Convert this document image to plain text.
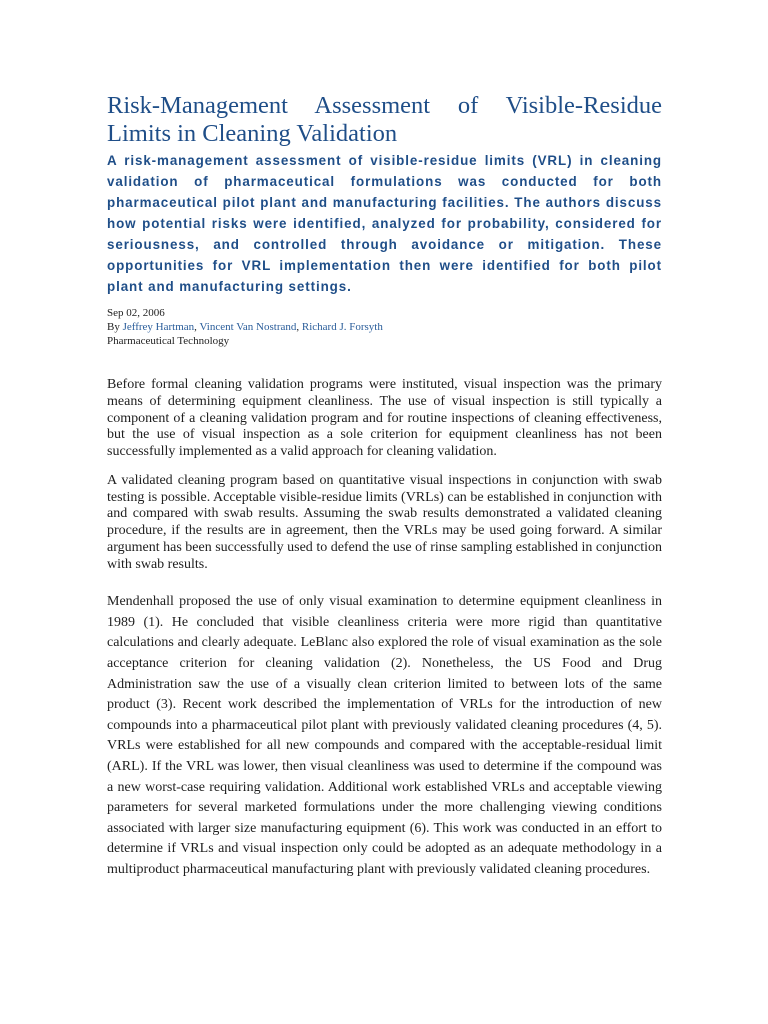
Risk-Management Assessment of Visible-Residue Limits in Cleaning Validation

A risk-management assessment of visible-residue limits (VRL) in cleaning validation of pharmaceutical formulations was conducted for both pharmaceutical pilot plant and manufacturing facilities. The authors discuss how potential risks were identified, analyzed for probability, considered for seriousness, and controlled through avoidance or mitigation. These opportunities for VRL implementation then were identified for both pilot plant and manufacturing settings.

Sep 02, 2006
By Jeffrey Hartman, Vincent Van Nostrand, Richard J. Forsyth
Pharmaceutical Technology

Before formal cleaning validation programs were instituted, visual inspection was the primary means of determining equipment cleanliness. The use of visual inspection is still typically a component of a cleaning validation program and for routine inspections of cleaning effectiveness, but the use of visual inspection as a sole criterion for equipment cleanliness has not been successfully implemented as a valid approach for cleaning validation.

A validated cleaning program based on quantitative visual inspections in conjunction with swab testing is possible. Acceptable visible-residue limits (VRLs) can be established in conjunction with and compared with swab results. Assuming the swab results demonstrated a validated cleaning procedure, if the results are in agreement, then the VRLs may be used going forward. A similar argument has been successfully used to defend the use of rinse sampling established in conjunction with swab results.

Mendenhall proposed the use of only visual examination to determine equipment cleanliness in 1989 (1). He concluded that visible cleanliness criteria were more rigid than quantitative calculations and clearly adequate. LeBlanc also explored the role of visual examination as the sole acceptance criterion for cleaning validation (2). Nonetheless, the US Food and Drug Administration saw the use of a visually clean criterion limited to between lots of the same product (3). Recent work described the implementation of VRLs for the introduction of new compounds into a pharmaceutical pilot plant with previously validated cleaning procedures (4, 5). VRLs were established for all new compounds and compared with the acceptable-residual limit (ARL). If the VRL was lower, then visual cleanliness was used to determine if the compound was a new worst-case requiring validation. Additional work established VRLs and acceptable viewing parameters for several marketed formulations under the more challenging viewing conditions associated with larger size manufacturing equipment (6). This work was conducted in an effort to determine if VRLs and visual inspection only could be adopted as an adequate methodology in a multiproduct pharmaceutical manufacturing plant with previously validated cleaning procedures.
